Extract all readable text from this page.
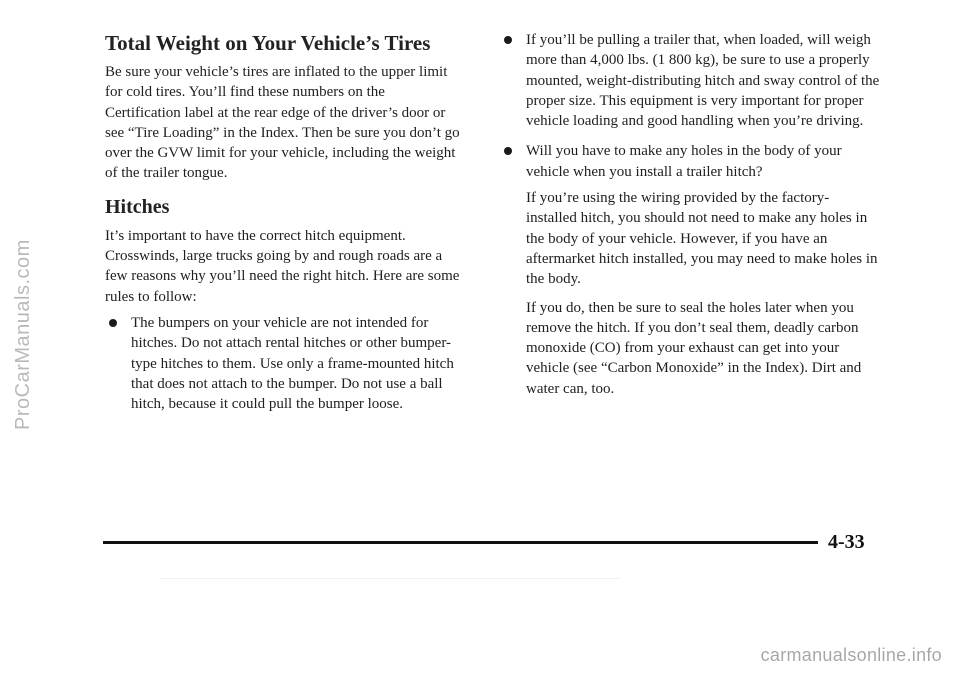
Total Weight on Your Vehicle’s Tires

Be sure your vehicle’s tires are inflated to the upper limit for cold tires. You’ll find these numbers on the Certification label at the rear edge of the driver’s door or see “Tire Loading” in the Index. Then be sure you don’t go over the GVW limit for your vehicle, including the weight of the trailer tongue.

Hitches

It’s important to have the correct hitch equipment. Crosswinds, large trucks going by and rough roads are a few reasons why you’ll need the right hitch. Here are some rules to follow:

The bumpers on your vehicle are not intended for hitches. Do not attach rental hitches or other bumper-type hitches to them. Use only a frame-mounted hitch that does not attach to the bumper. Do not use a ball hitch, because it could pull the bumper loose.
If you’ll be pulling a trailer that, when loaded, will weigh more than 4,000 lbs. (1 800 kg), be sure to use a properly mounted, weight-distributing hitch and sway control of the proper size. This equipment is very important for proper vehicle loading and good handling when you’re driving.
Will you have to make any holes in the body of your vehicle when you install a trailer hitch?

If you’re using the wiring provided by the factory-installed hitch, you should not need to make any holes in the body of your vehicle. However, if you have an aftermarket hitch installed, you may need to make holes in the body.

If you do, then be sure to seal the holes later when you remove the hitch. If you don’t seal them, deadly carbon monoxide (CO) from your exhaust can get into your vehicle (see “Carbon Monoxide” in the Index). Dirt and water can, too.

4-33
ProCarManuals.com
carmanualsonline.info
